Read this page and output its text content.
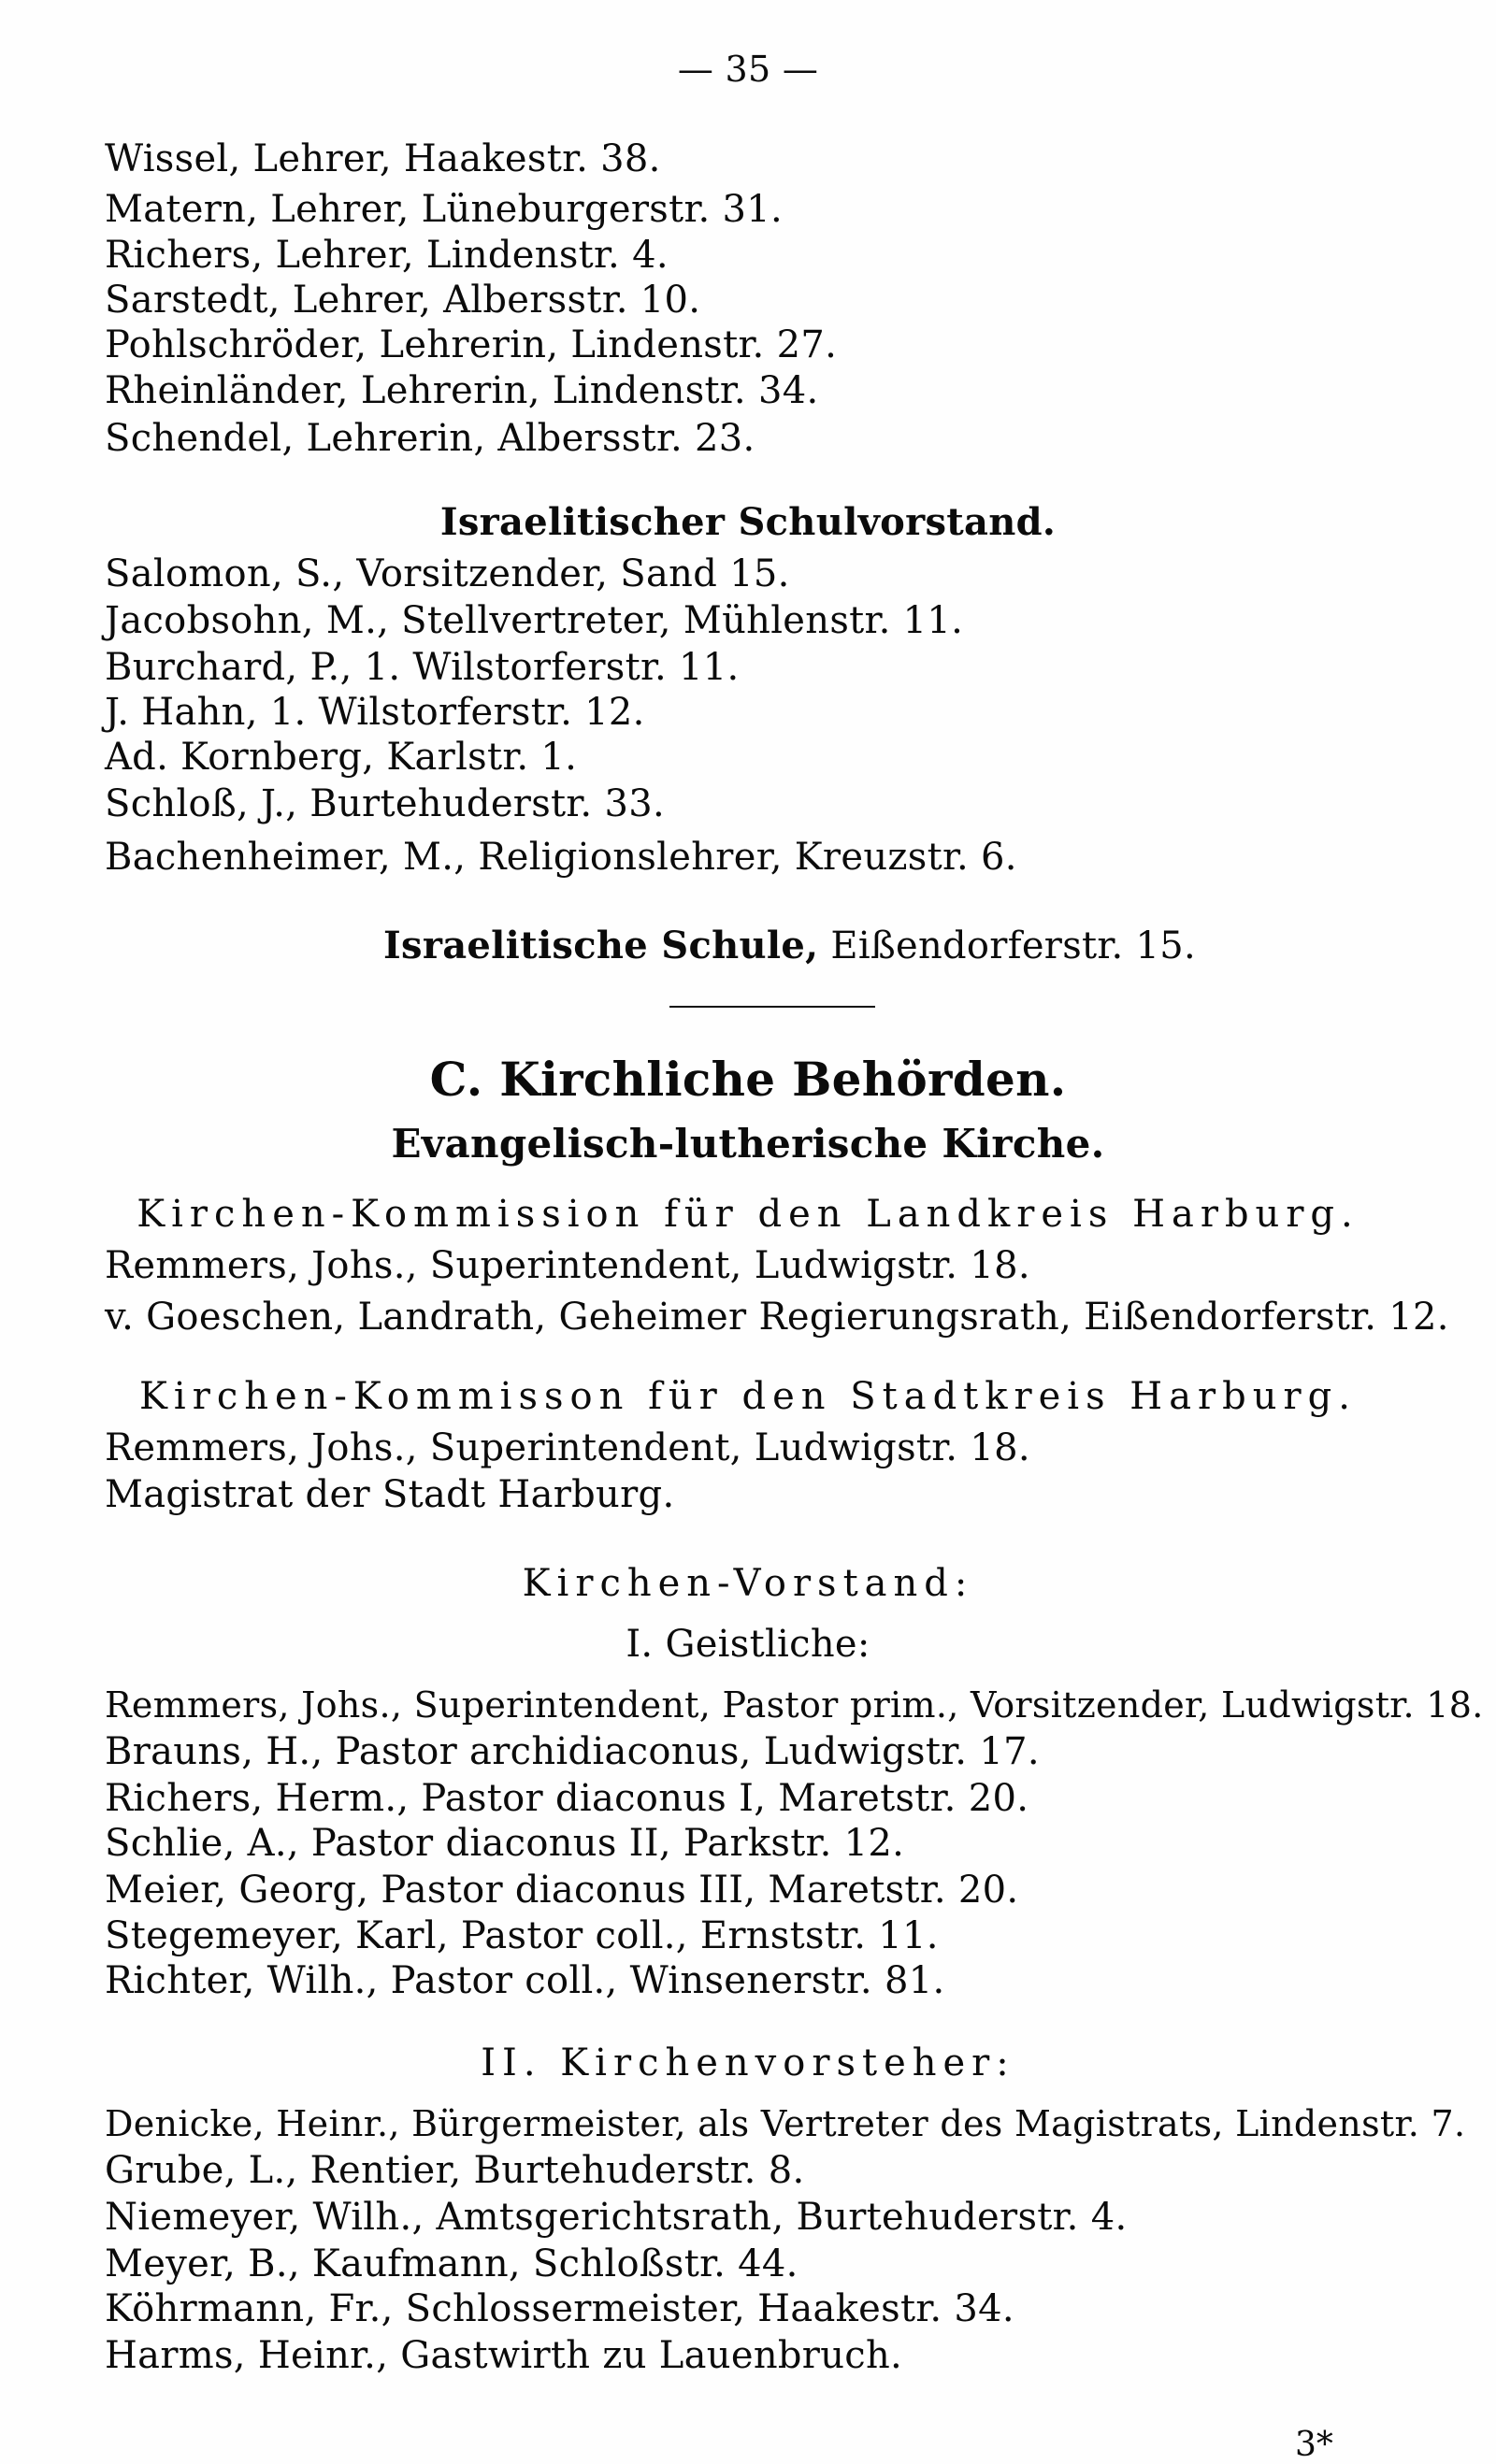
— 35 —
Wissel, Lehrer, Haakestr. 38.
Matern, Lehrer, Lüneburgerstr. 31.
Richers, Lehrer, Lindenstr. 4.
Sarstedt, Lehrer, Albersstr. 10.
Pohlschröder, Lehrerin, Lindenstr. 27.
Rheinländer, Lehrerin, Lindenstr. 34.
Schendel, Lehrerin, Albersstr. 23.
Israelitischer Schulvorstand.
Salomon, S., Vorsitzender, Sand 15.
Jacobsohn, M., Stellvertreter, Mühlenstr. 11.
Burchard, P., 1. Wilstorferstr. 11.
J. Hahn, 1. Wilstorferstr. 12.
Ad. Kornberg, Karlstr. 1.
Schloß, J., Burtehuderstr. 33.
Bachenheimer, M., Religionslehrer, Kreuzstr. 6.
Israelitische Schule, Eißendorferstr. 15.
C. Kirchliche Behörden.
Evangelisch-lutherische Kirche.
Kirchen-Kommission für den Landkreis Harburg.
Remmers, Johs., Superintendent, Ludwigstr. 18.
v. Goeschen, Landrath, Geheimer Regierungsrath, Eißendorferstr. 12.
Kirchen-Kommisson für den Stadtkreis Harburg.
Remmers, Johs., Superintendent, Ludwigstr. 18.
Magistrat der Stadt Harburg.
Kirchen-Vorstand:
I. Geistliche:
Remmers, Johs., Superintendent, Pastor prim., Vorsitzender, Ludwigstr. 18.
Brauns, H., Pastor archidiaconus, Ludwigstr. 17.
Richers, Herm., Pastor diaconus I, Maretstr. 20.
Schlie, A., Pastor diaconus II, Parkstr. 12.
Meier, Georg, Pastor diaconus III, Maretstr. 20.
Stegemeyer, Karl, Pastor coll., Ernststr. 11.
Richter, Wilh., Pastor coll., Winsenerstr. 81.
II. Kirchenvorsteher:
Denicke, Heinr., Bürgermeister, als Vertreter des Magistrats, Lindenstr. 7.
Grube, L., Rentier, Burtehuderstr. 8.
Niemeyer, Wilh., Amtsgerichtsrath, Burtehuderstr. 4.
Meyer, B., Kaufmann, Schloßstr. 44.
Köhrmann, Fr., Schlossermeister, Haakestr. 34.
Harms, Heinr., Gastwirth zu Lauenbruch.
3*
